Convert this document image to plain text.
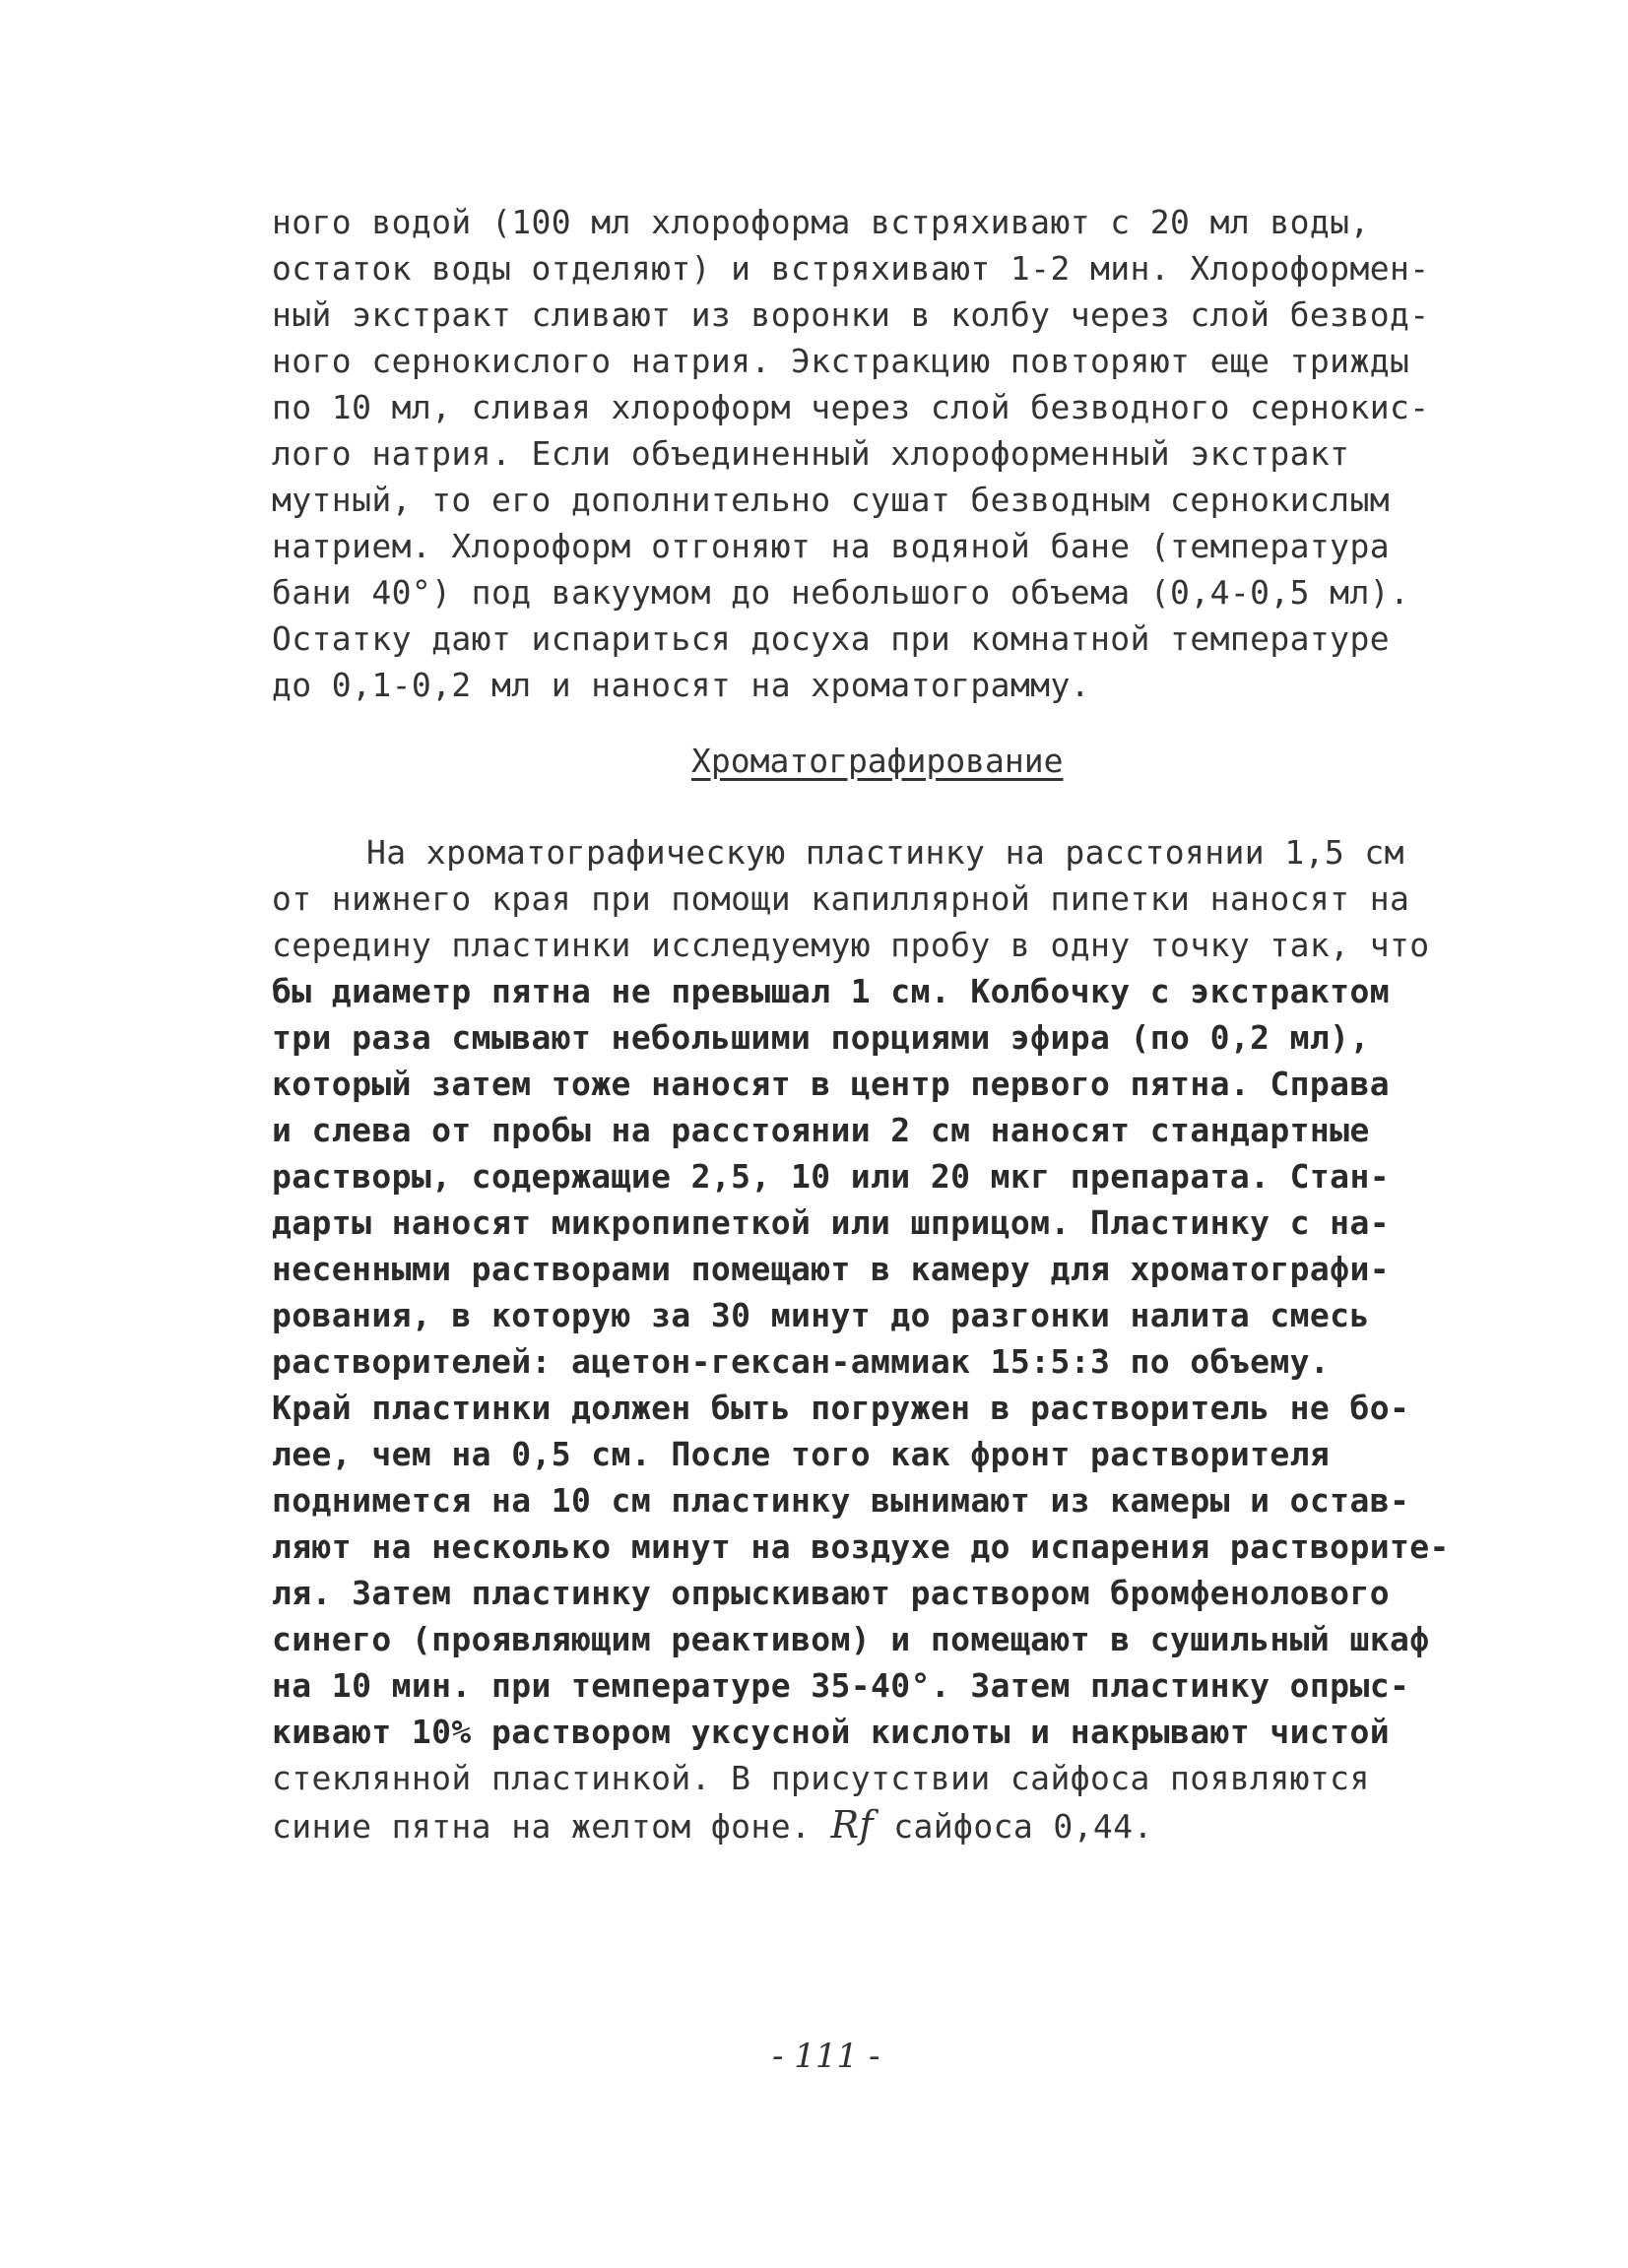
ного водой (100 мл хлороформа встряхивают с 20 мл воды,
остаток воды отделяют) и встряхивают 1-2 мин. Хлороформен-
ный экстракт сливают из воронки в колбу через слой безвод-
ного сернокислого натрия. Экстракцию повторяют еще трижды
по 10 мл, сливая хлороформ через слой безводного сернокис-
лого натрия. Если объединенный хлороформенный экстракт
мутный, то его дополнительно сушат безводным сернокислым
натрием. Хлороформ отгоняют на водяной бане (температура
бани 40°) под вакуумом до небольшого объема (0,4-0,5 мл).
Остатку дают испариться досуха при комнатной температуре
до 0,1-0,2 мл и наносят на хроматограмму.
Хроматографирование
На хроматографическую пластинку на расстоянии 1,5 см
от нижнего края при помощи капиллярной пипетки наносят на
середину пластинки исследуемую пробу в одну точку так, что
бы диаметр пятна не превышал 1 см. Колбочку с экстрактом
три раза смывают небольшими порциями эфира (по 0,2 мл),
который затем тоже наносят в центр первого пятна. Справа
и слева от пробы на расстоянии 2 см наносят стандартные
растворы, содержащие 2,5, 10 или 20 мкг препарата. Стан-
дарты наносят микропипеткой или шприцом. Пластинку с на-
несенными растворами помещают в камеру для хроматографи-
рования, в которую за 30 минут до разгонки налита смесь
растворителей: ацетон-гексан-аммиак 15:5:3 по объему.
Край пластинки должен быть погружен в растворитель не бо-
лее, чем на 0,5 см. После того как фронт растворителя
поднимется на 10 см пластинку вынимают из камеры и остав-
ляют на несколько минут на воздухе до испарения растворите-
ля. Затем пластинку опрыскивают раствором бромфенолового
синего (проявляющим реактивом) и помещают в сушильный шкаф
на 10 мин. при температуре 35-40°. Затем пластинку опрыс-
кивают 10% раствором уксусной кислоты и накрывают чистой
стеклянной пластинкой. В присутствии сайфоса появляются
синие пятна на желтом фоне. Rf сайфоса 0,44.
- 111 -
